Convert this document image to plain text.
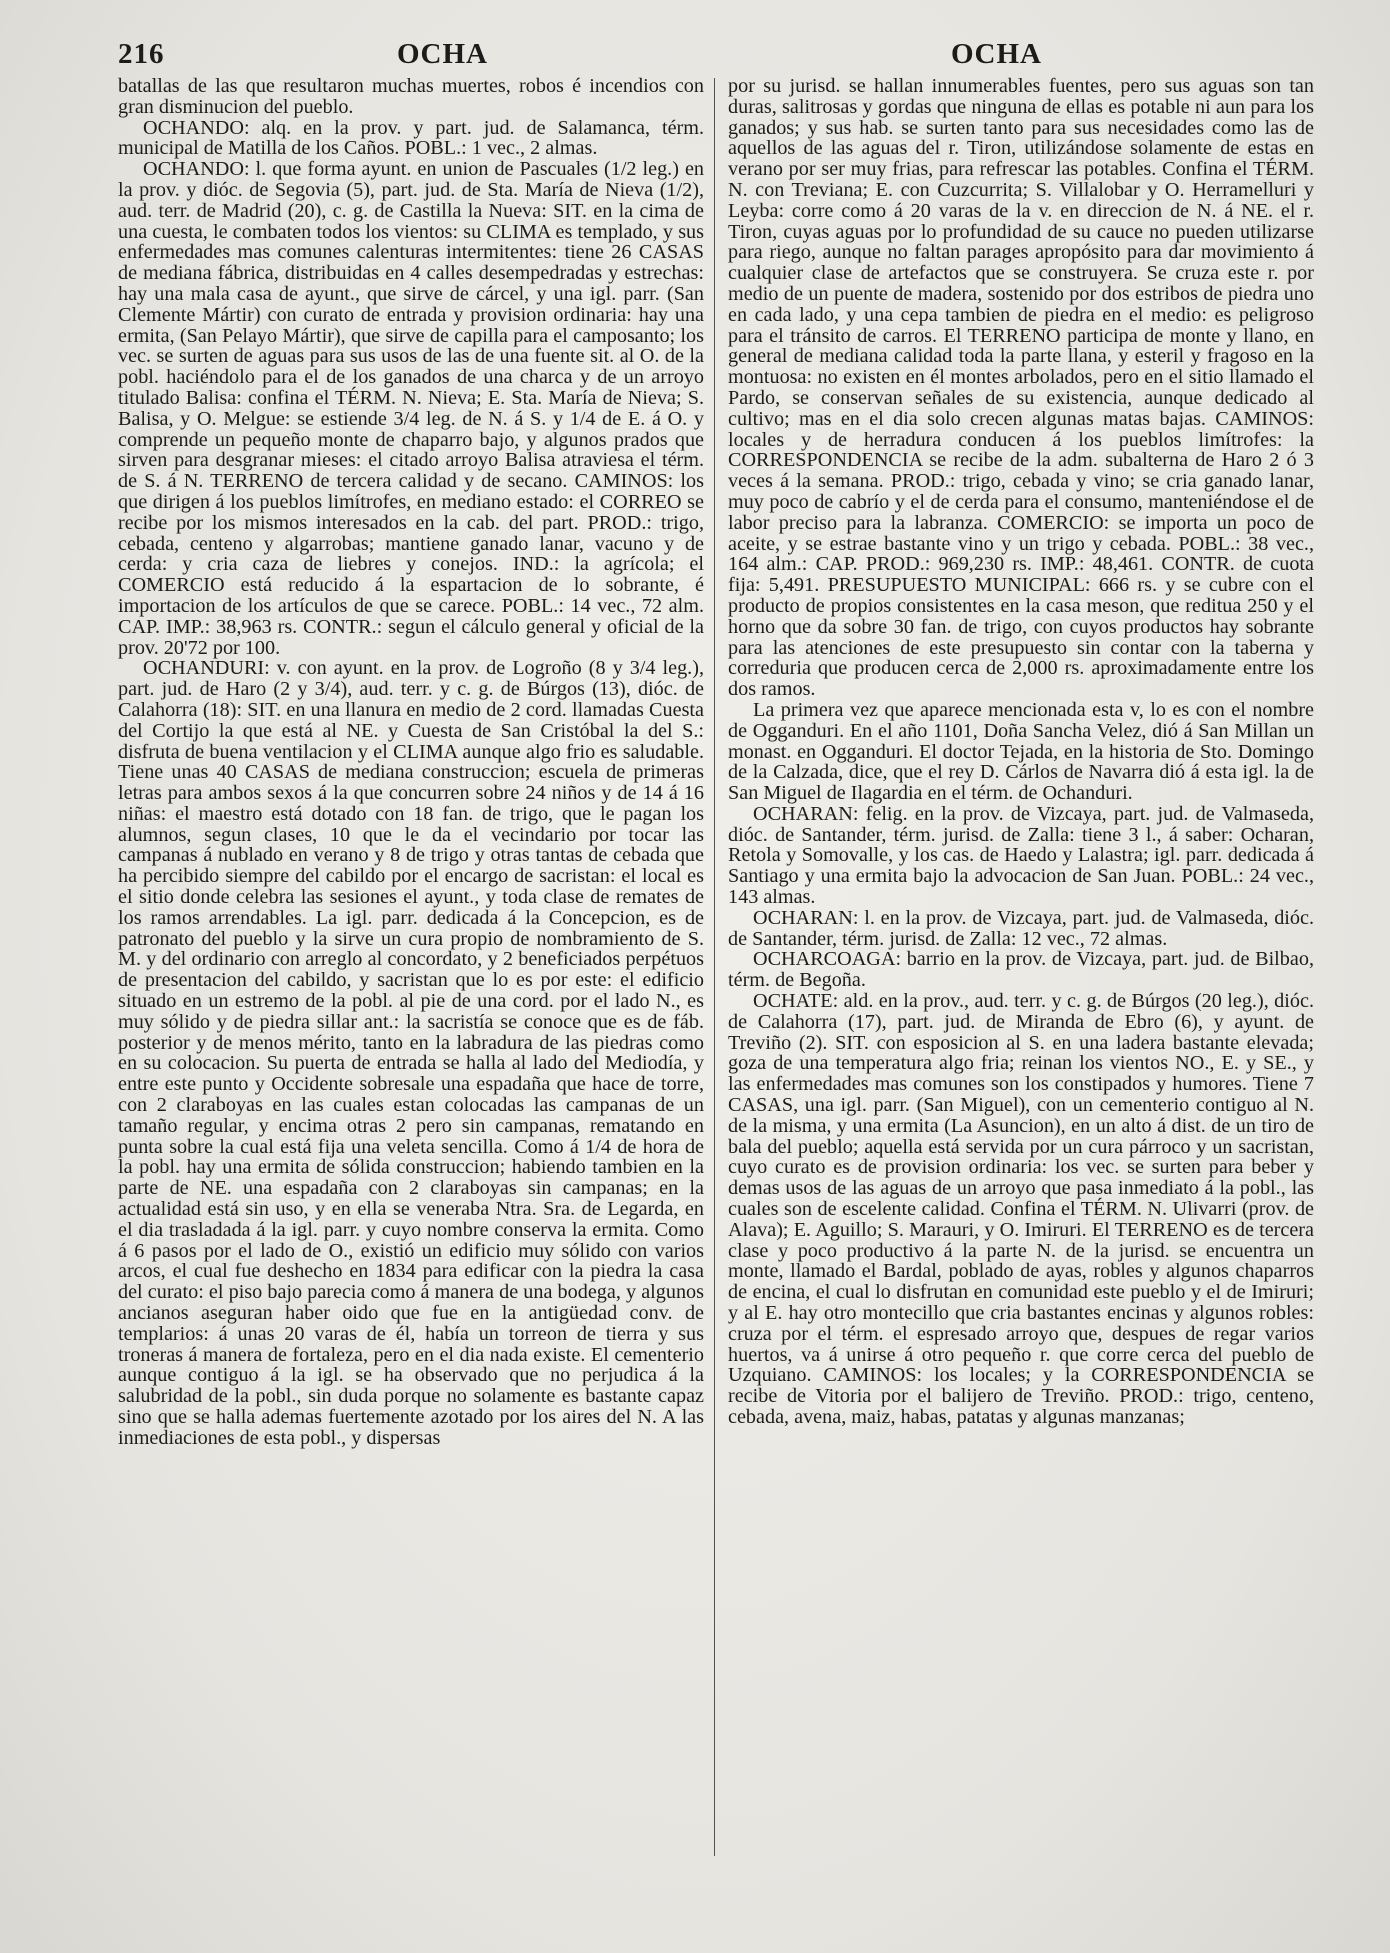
216	OCHA	OCHA

batallas de las que resultaron muchas muertes, robos é incendios con gran disminucion del pueblo.

OCHANDO: alq. en la prov. y part. jud. de Salamanca, térm. municipal de Matilla de los Caños. POBL.: 1 vec., 2 almas.

OCHANDO: l. que forma ayunt. en union de Pascuales (1/2 leg.) en la prov. y dióc. de Segovia (5), part. jud. de Sta. María de Nieva (1/2), aud. terr. de Madrid (20), c. g. de Castilla la Nueva: SIT. en la cima de una cuesta, le combaten todos los vientos: su CLIMA es templado, y sus enfermedades mas comunes calenturas intermitentes: tiene 26 CASAS de mediana fábrica, distribuidas en 4 calles desempedradas y estrechas: hay una mala casa de ayunt., que sirve de cárcel, y una igl. parr. (San Clemente Mártir) con curato de entrada y provision ordinaria: hay una ermita, (San Pelayo Mártir), que sirve de capilla para el camposanto; los vec. se surten de aguas para sus usos de las de una fuente sit. al O. de la pobl. haciéndolo para el de los ganados de una charca y de un arroyo titulado Balisa: confina el TÉRM. N. Nieva; E. Sta. María de Nieva; S. Balisa, y O. Melgue: se estiende 3/4 leg. de N. á S. y 1/4 de E. á O. y comprende un pequeño monte de chaparro bajo, y algunos prados que sirven para desgranar mieses: el citado arroyo Balisa atraviesa el térm. de S. á N. TERRENO de tercera calidad y de secano. CAMINOS: los que dirigen á los pueblos limítrofes, en mediano estado: el CORREO se recibe por los mismos interesados en la cab. del part. PROD.: trigo, cebada, centeno y algarrobas; mantiene ganado lanar, vacuno y de cerda: y cria caza de liebres y conejos. IND.: la agrícola; el COMERCIO está reducido á la espartacion de lo sobrante, é importacion de los artículos de que se carece. POBL.: 14 vec., 72 alm. CAP. IMP.: 38,963 rs. CONTR.: segun el cálculo general y oficial de la prov. 20'72 por 100.

OCHANDURI: v. con ayunt. en la prov. de Logroño (8 y 3/4 leg.), part. jud. de Haro (2 y 3/4), aud. terr. y c. g. de Búrgos (13), dióc. de Calahorra (18): SIT. en una llanura en medio de 2 cord. llamadas Cuesta del Cortijo la que está al NE. y Cuesta de San Cristóbal la del S.: disfruta de buena ventilacion y el CLIMA aunque algo frio es saludable. Tiene unas 40 CASAS de mediana construccion; escuela de primeras letras para ambos sexos á la que concurren sobre 24 niños y de 14 á 16 niñas: el maestro está dotado con 18 fan. de trigo, que le pagan los alumnos, segun clases, 10 que le da el vecindario por tocar las campanas á nublado en verano y 8 de trigo y otras tantas de cebada que ha percibido siempre del cabildo por el encargo de sacristan: el local es el sitio donde celebra las sesiones el ayunt., y toda clase de remates de los ramos arrendables. La igl. parr. dedicada á la Concepcion, es de patronato del pueblo y la sirve un cura propio de nombramiento de S. M. y del ordinario con arreglo al concordato, y 2 beneficiados perpétuos de presentacion del cabildo, y sacristan que lo es por este: el edificio situado en un estremo de la pobl. al pie de una cord. por el lado N., es muy sólido y de piedra sillar ant.: la sacristía se conoce que es de fáb. posterior y de menos mérito, tanto en la labradura de las piedras como en su colocacion. Su puerta de entrada se halla al lado del Mediodía, y entre este punto y Occidente sobresale una espadaña que hace de torre, con 2 claraboyas en las cuales estan colocadas las campanas de un tamaño regular, y encima otras 2 pero sin campanas, rematando en punta sobre la cual está fija una veleta sencilla. Como á 1/4 de hora de la pobl. hay una ermita de sólida construccion; habiendo tambien en la parte de NE. una espadaña con 2 claraboyas sin campanas; en la actualidad está sin uso, y en ella se veneraba Ntra. Sra. de Legarda, en el dia trasladada á la igl. parr. y cuyo nombre conserva la ermita. Como á 6 pasos por el lado de O., existió un edificio muy sólido con varios arcos, el cual fue deshecho en 1834 para edificar con la piedra la casa del curato: el piso bajo parecia como á manera de una bodega, y algunos ancianos aseguran haber oido que fue en la antigüedad conv. de templarios: á unas 20 varas de él, había un torreon de tierra y sus troneras á manera de fortaleza, pero en el dia nada existe. El cementerio aunque contiguo á la igl. se ha observado que no perjudica á la salubridad de la pobl., sin duda porque no solamente es bastante capaz sino que se halla ademas fuertemente azotado por los aires del N. A las inmediaciones de esta pobl., y dispersas

por su jurisd. se hallan innumerables fuentes, pero sus aguas son tan duras, salitrosas y gordas que ninguna de ellas es potable ni aun para los ganados; y sus hab. se surten tanto para sus necesidades como las de aquellos de las aguas del r. Tiron, utilizándose solamente de estas en verano por ser muy frias, para refrescar las potables. Confina el TÉRM. N. con Treviana; E. con Cuzcurrita; S. Villalobar y O. Herramelluri y Leyba: corre como á 20 varas de la v. en direccion de N. á NE. el r. Tiron, cuyas aguas por lo profundidad de su cauce no pueden utilizarse para riego, aunque no faltan parages apropósito para dar movimiento á cualquier clase de artefactos que se construyera. Se cruza este r. por medio de un puente de madera, sostenido por dos estribos de piedra uno en cada lado, y una cepa tambien de piedra en el medio: es peligroso para el tránsito de carros. El TERRENO participa de monte y llano, en general de mediana calidad toda la parte llana, y esteril y fragoso en la montuosa: no existen en él montes arbolados, pero en el sitio llamado el Pardo, se conservan señales de su existencia, aunque dedicado al cultivo; mas en el dia solo crecen algunas matas bajas. CAMINOS: locales y de herradura conducen á los pueblos limítrofes: la CORRESPONDENCIA se recibe de la adm. subalterna de Haro 2 ó 3 veces á la semana. PROD.: trigo, cebada y vino; se cria ganado lanar, muy poco de cabrío y el de cerda para el consumo, manteniéndose el de labor preciso para la labranza. COMERCIO: se importa un poco de aceite, y se estrae bastante vino y un trigo y cebada. POBL.: 38 vec., 164 alm.: CAP. PROD.: 969,230 rs. IMP.: 48,461. CONTR. de cuota fija: 5,491. PRESUPUESTO MUNICIPAL: 666 rs. y se cubre con el producto de propios consistentes en la casa meson, que reditua 250 y el horno que da sobre 30 fan. de trigo, con cuyos productos hay sobrante para las atenciones de este presupuesto sin contar con la taberna y correduria que producen cerca de 2,000 rs. aproximadamente entre los dos ramos.

La primera vez que aparece mencionada esta v, lo es con el nombre de Ogganduri. En el año 1101, Doña Sancha Velez, dió á San Millan un monast. en Ogganduri. El doctor Tejada, en la historia de Sto. Domingo de la Calzada, dice, que el rey D. Cárlos de Navarra dió á esta igl. la de San Miguel de Ilagardia en el térm. de Ochanduri.

OCHARAN: felig. en la prov. de Vizcaya, part. jud. de Valmaseda, dióc. de Santander, térm. jurisd. de Zalla: tiene 3 l., á saber: Ocharan, Retola y Somovalle, y los cas. de Haedo y Lalastra; igl. parr. dedicada á Santiago y una ermita bajo la advocacion de San Juan. POBL.: 24 vec., 143 almas.

OCHARAN: l. en la prov. de Vizcaya, part. jud. de Valmaseda, dióc. de Santander, térm. jurisd. de Zalla: 12 vec., 72 almas.

OCHARCOAGA: barrio en la prov. de Vizcaya, part. jud. de Bilbao, térm. de Begoña.

OCHATE: ald. en la prov., aud. terr. y c. g. de Búrgos (20 leg.), dióc. de Calahorra (17), part. jud. de Miranda de Ebro (6), y ayunt. de Treviño (2). SIT. con esposicion al S. en una ladera bastante elevada; goza de una temperatura algo fria; reinan los vientos NO., E. y SE., y las enfermedades mas comunes son los constipados y humores. Tiene 7 CASAS, una igl. parr. (San Miguel), con un cementerio contiguo al N. de la misma, y una ermita (La Asuncion), en un alto á dist. de un tiro de bala del pueblo; aquella está servida por un cura párroco y un sacristan, cuyo curato es de provision ordinaria: los vec. se surten para beber y demas usos de las aguas de un arroyo que pasa inmediato á la pobl., las cuales son de escelente calidad. Confina el TÉRM. N. Ulivarri (prov. de Alava); E. Aguillo; S. Marauri, y O. Imiruri. El TERRENO es de tercera clase y poco productivo á la parte N. de la jurisd. se encuentra un monte, llamado el Bardal, poblado de ayas, robles y algunos chaparros de encina, el cual lo disfrutan en comunidad este pueblo y el de Imiruri; y al E. hay otro montecillo que cria bastantes encinas y algunos robles: cruza por el térm. el espresado arroyo que, despues de regar varios huertos, va á unirse á otro pequeño r. que corre cerca del pueblo de Uzquiano. CAMINOS: los locales; y la CORRESPONDENCIA se recibe de Vitoria por el balijero de Treviño. PROD.: trigo, centeno, cebada, avena, maiz, habas, patatas y algunas manzanas;
